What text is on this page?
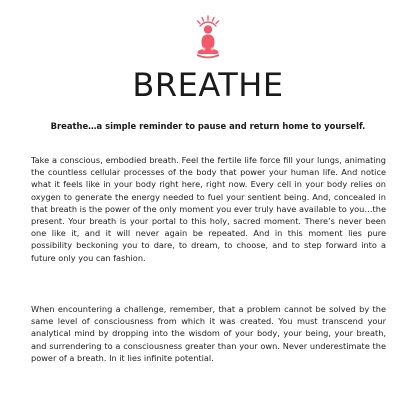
BREATHE

Breathe…a simple reminder to pause and return home to yourself.

Take a conscious, embodied breath. Feel the fertile life force fill your lungs, animating the countless cellular processes of the body that power your human life. And notice what it feels like in your body right here, right now. Every cell in your body relies on oxygen to generate the energy needed to fuel your sentient being. And, concealed in that breath is the power of the only moment you ever truly have available to you…the present. Your breath is your portal to this holy, sacred moment. There’s never been one like it, and it will never again be repeated. And in this moment lies pure possibility beckoning you to dare, to dream, to choose, and to step forward into a future only you can fashion.

When encountering a challenge, remember, that a problem cannot be solved by the same level of consciousness from which it was created. You must transcend your analytical mind by dropping into the wisdom of your body, your being, your breath, and surrendering to a consciousness greater than your own. Never underestimate the power of a breath. In it lies infinite potential.
